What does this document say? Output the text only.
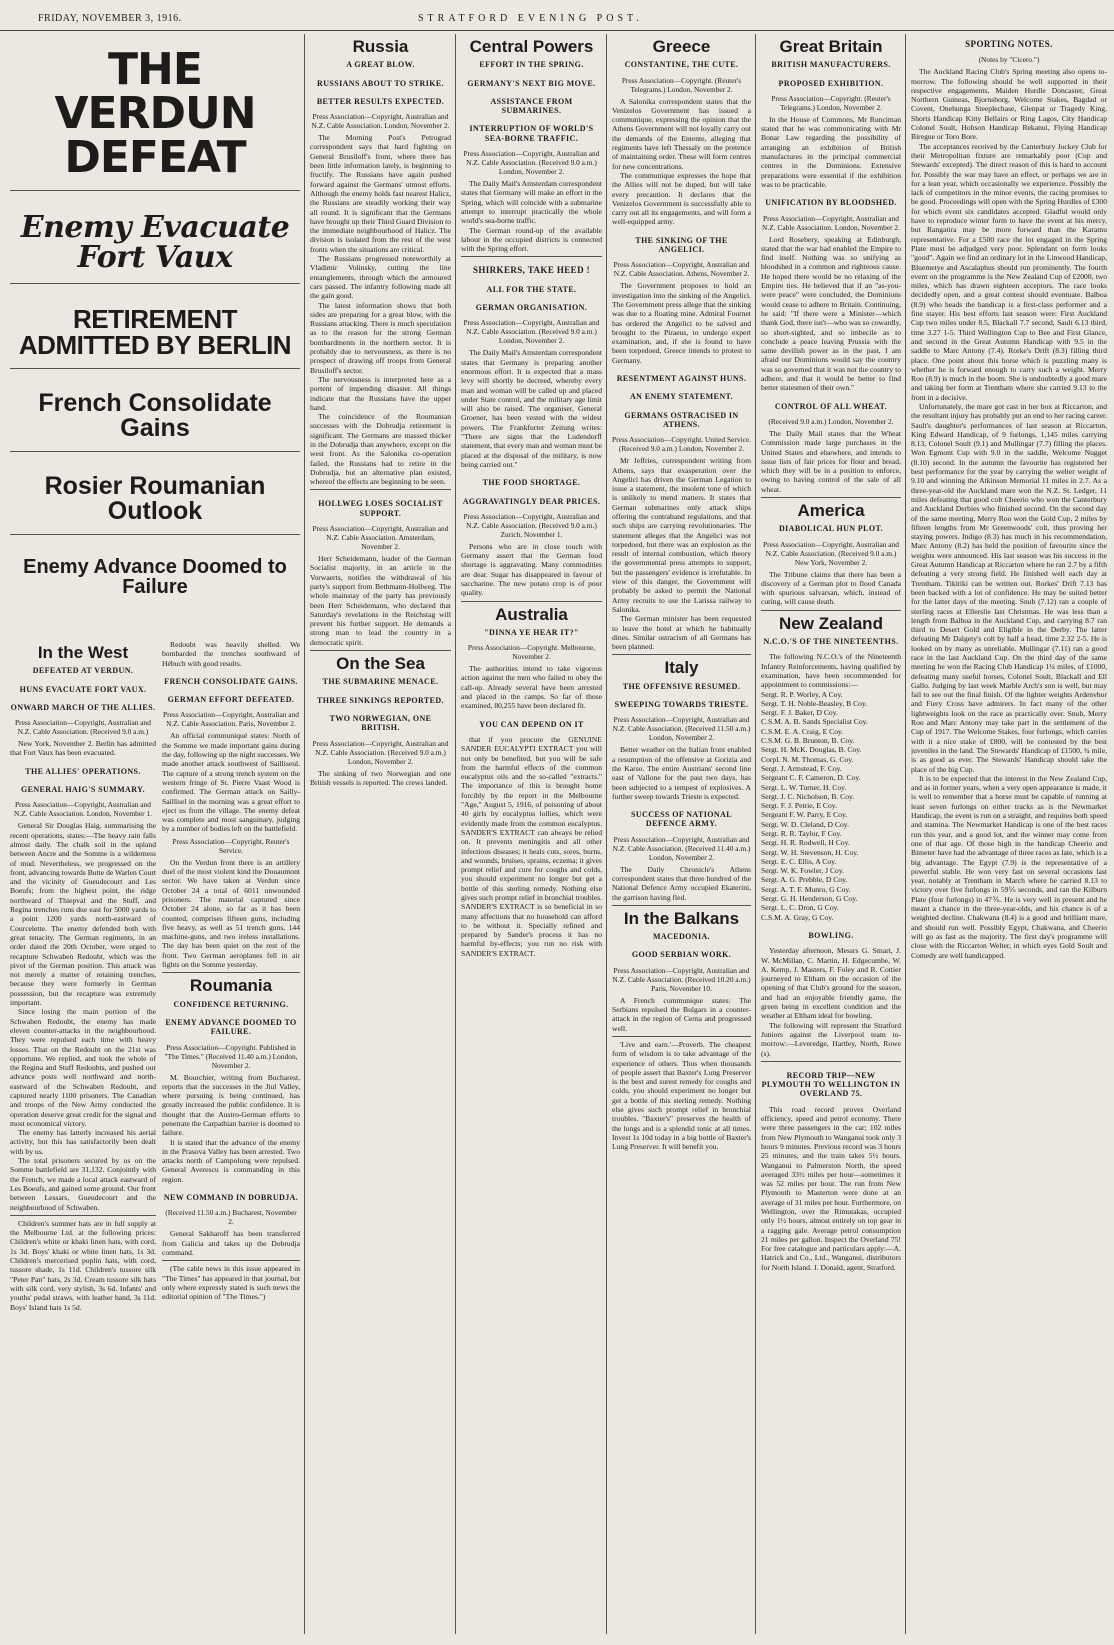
FRIDAY, NOVEMBER 3, 1916.	STRATFORD EVENING POST.
THE VERDUN DEFEAT
Enemy Evacuate Fort Vaux
RETIREMENT ADMITTED BY BERLIN
French Consolidate Gains
Rosier Roumanian Outlook
Enemy Advance Doomed to Failure
In the West
DEFEATED AT VERDUN.
HUNS EVACUATE FORT VAUX.
ONWARD MARCH OF THE ALLIES.
Press Association—Copyright, Australian and N.Z. Cable Association. (Received 9.0 a.m.)

New York, November 2. Berlin has admitted that Fort Vaux has been evacuated.

THE ALLIES' OPERATIONS.
GENERAL HAIG'S SUMMARY.
Press Association—Copyright, Australian and N.Z. Cable Association. London, November 1.

General Sir Douglas Haig, summarising the recent operations, states:—The heavy rain falls almost daily. The chalk soil in the upland between Ancre and the Somme is a wilderness of mud. Nevertheless, we progressed on the front, advancing towards Butte de Warlen Court and the vicinity of Gueudecourt and Les Boeufs; from the highest point, the ridge northward of Thiepval and the Stuff, and Regina trenches runs due east for 5000 yards to a point 1200 yards north-eastward of Courcelette. The enemy defended both with great tenacity. The German regiments, in an order dated the 20th October, were urged to recapture Schwaben Redoubt, which was the pivot of the German position. This attack was not merely a matter of retaining trenches, because they were formerly in German possession, but the recapture was extremely important.

Since losing the main portion of the Schwaben Redoubt, the enemy has made eleven counter-attacks in the neighbourhood. They were repulsed each time with heavy losses. That on the Redoubt on the 21st was opportune. We replied, and took the whole of the Regina and Stuff Redoubts, and pushed our advance posts well northward and north-eastward of the Schwaben Redoubt, and captured nearly 1100 prisoners. The Canadian and troops of the New Army conducted the operation deserve great credit for the signal and most economical victory.

The enemy has latterly increased his aerial activity, but this has satisfactorily been dealt with by us.

The total prisoners secured by us on the Somme battlefield are 31,132. Conjointly with the French, we made a local attack eastward of Les Boeufs, and gained some ground. Our front between Lessars, Gueudecourt and the neighbourhood of Schwaben.

Children's summer hats are in full supply at the Melbourne Ltd. at the following prices: Children's white or khaki linen hats, with cord, 1s 3d. Boys' khaki or white linen hats, 1s 3d. Children's mercerised poplin hats, with cord, tussore shade, 1s 11d. Children's tussore silk "Peter Pan" hats, 2s 3d. Cream tussore silk hats with silk cord, very stylish, 3s 6d. Infants' and youths' pedal straws, with leather band, 3s 11d. Boys' Island hats 1s 5d.

Redoubt was heavily shelled. We bombarded the trenches southward of Hébuch with good results.

FRENCH CONSOLIDATE GAINS.
GERMAN EFFORT DEFEATED.
Press Association—Copyright, Australian and N.Z. Cable Association. Paris, November 2.

An official communiqué states: North of the Somme we made important gains during the day, following up the night successes. We made another attack southwest of Sailliseul. The capture of a strong trench system on the western fringe of St. Pierre Vaast Wood is confirmed. The German attack on Sailly-Saillisel in the morning was a great effort to eject us from the village. The enemy defeat was complete and most sanguinary, judging by a number of bodies left on the battlefield.

Press Association—Copyright, Reuter's Service.

On the Verdun front there is an artillery duel of the most violent kind the Douaumont sector. We have taken at Verdun since October 24 a total of 6011 unwounded prisoners. The material captured since October 24 alone, so far as it has been counted, comprises fifteen guns, including five heavy, as well as 51 trench guns, 144 machine-guns, and two ireless installations. The day has been quiet on the rest of the front. Two German aeroplanes fell in air fights on the Somme yesterday.

Roumania
CONFIDENCE RETURNING.
ENEMY ADVANCE DOOMED TO FAILURE.
Press Association—Copyright. Published in "The Times." (Received 11.40 a.m.) London, November 2.

M. Bourchier, writing from Bucharest, reports that the successes in the Jiul Valley, where pursuing is being continued, has greatly increased the public confidence. It is thought that the Austro-German efforts to penetrate the Carpathian barrier is doomed to failure.

It is stated that the advance of the enemy in the Prasova Valley has been arrested. Two attacks north of Campolung were repulsed. General Averescu is commanding in this region.

NEW COMMAND IN DOBRUDJA.
(Received 11.50 a.m.) Bucharest, November 2.

General Sakharoff has been transferred from Galicia and takes up the Dobrudja command.

(The cable news in this issue appeared in "The Times" has appeared in that journal, but only where expressly stated is such news the editorial opinion of "The Times.")

Russia
A GREAT BLOW.
RUSSIANS ABOUT TO STRIKE.
BETTER RESULTS EXPECTED.
Press Association—Copyright, Australian and N.Z. Cable Association. London, November 2.

The Morning Post's Petrograd correspondent says that hard fighting on General Brusiloff's front, where there has been little information lately, is beginning to fructify. The Russians have again pushed forward against the Germans' utmost efforts. Although the enemy holds fast nearest Halicz, the Russians are steadily working their way all round. It is significant that the Germans have brought up their Third Guard Division to the immediate neighbourhood of Halicz. The division is isolated from the rest of the west fronts when the situations are critical.

The Russians progressed noteworthily at Vladimir Volinsky, cutting the line entanglements, through which the armoured cars passed. The infantry following made all the gain good.

The latest information shows that both sides are preparing for a great blow, with the Russians attacking. There is much speculation as to the reason for the strong German bombardments in the northern sector. It is probably due to nervousness, as there is no prospect of drawing off troops from General Brusiloff's sector.

The nervousness is interpreted here as a portent of impending disaster. All things indicate that the Russians have the upper hand.

The coincidence of the Roumanian successes with the Dobrudja retirement is significant. The Germans are massed thicker in the Dobrudja than anywhere, except on the west front. As the Salonika co-operation failed, the Russians had to retire in the Dobrudja, but an alternative plan existed, whereof the effects are beginning to be seen.

HOLLWEG LOSES SOCIALIST SUPPORT.
Press Association—Copyright, Australian and N.Z. Cable Association. Amsterdam, November 2.

Herr Scheidemann, leader of the German Socialist majority, in an article in the Vorwaerts, notifies the withdrawal of his party's support from Bethmann-Hollweg. The whole mainstay of the party has previously been Herr Scheidemann, who declared that Saturday's revelations in the Reichstag will prevent his further support. He demands a strong man to lead the country in a democratic spirit.

On the Sea
THE SUBMARINE MENACE.
THREE SINKINGS REPORTED.
TWO NORWEGIAN, ONE BRITISH.
Press Association—Copyright, Australian and N.Z. Cable Association. (Received 9.0 a.m.) London, November 2.

The sinking of two Norwegian and one British vessels is reported. The crews landed.

Central Powers
EFFORT IN THE SPRING.
GERMANY'S NEXT BIG MOVE.
ASSISTANCE FROM SUBMARINES.
INTERRUPTION OF WORLD'S SEA-BORNE TRAFFIC.
Press Association—Copyright, Australian and N.Z. Cable Association. (Received 9.0 a.m.) London, November 2.

The Daily Mail's Amsterdam correspondent states that Germany will make an effort in the Spring, which will coincide with a submarine attempt to interrupt practically the whole world's sea-borne traffic.

The German round-up of the available labour in the occupied districts is connected with the Spring effort.

SHIRKERS, TAKE HEED !
ALL FOR THE STATE.
GERMAN ORGANISATION.
Press Association—Copyright, Australian and N.Z. Cable Association. (Received 9.0 a.m.) London, November 2.

The Daily Mail's Amsterdam correspondent states that Germany is preparing another enormous effort. It is expected that a mass levy will shortly be decreed, whereby every man and woman will be called up and placed under State control, and the military age limit will also be raised. The organiser, General Groener, has been vested with the widest powers. The Frankfurter Zeitung writes: "There are signs that the Ludendorff statement, that every man and woman must be placed at the disposal of the military, is now being carried out."

THE FOOD SHORTAGE.
AGGRAVATINGLY DEAR PRICES.
Press Association—Copyright, Australian and N.Z. Cable Association. (Received 9.0 a.m.) Zurich, November 1.

Persons who are in close touch with Germany assert that the German food shortage is aggravating. Many commodities are dear. Sugar has disappeared in favour of saccharine. The new potato crop is of poor quality.

Australia
"DINNA YE HEAR IT?"
Press Association—Copyright. Melbourne, November 2.

The authorities intend to take vigorous action against the men who failed to obey the call-up. Already several have been arrested and placed in the camps. So far of those examined, 80,255 have been declared fit.

YOU CAN DEPEND ON IT

that if you procure the GENUINE SANDER EUCALYPTI EXTRACT you will not only be benefited, but you will be safe from the harmful effects of the common eucalyptus oils and the so-called "extracts." The importance of this is brought home forcibly by the report in the Melbourne "Age," August 5, 1916, of poisoning of about 40 girls by eucalyptus lollies, which were evidently made from the common eucalyptus. SANDER'S EXTRACT can always be relied on. It prevents meningitis and all other infectious diseases; it heals cuts, sores, burns, and wounds, bruises, sprains, eczema; it gives prompt relief and cure for coughs and colds, you should experiment no longer but get a bottle of this sterling remedy. Nothing else gives such prompt relief in bronchial troubles. SANDER'S EXTRACT is so beneficial in so many affections that no household can afford to be without it. Specially refined and prepared by Sander's process it has no harmful by-effects; you run no risk with SANDER'S EXTRACT.

Greece
CONSTANTINE, THE CUTE.
Press Association—Copyright. (Reuter's Telegrams.) London, November 2.

A Salonika correspondent states that the Venizelos Government has issued a communique, expressing the opinion that the Athens Government will not loyally carry out the demands of the Entente, alleging that regiments have left Thessaly on the pretence of maintaining order. These will form centres for new concentrations.

The communique expresses the hope that the Allies will not be duped, but will take every precaution. It declares that the Venizelos Government is successfully able to carry out all its engagements, and will form a well-equipped army.

THE SINKING OF THE ANGELICI.
Press Association—Copyright, Australian and N.Z. Cable Association. Athens, November 2.

The Government proposes to hold an investigation into the sinking of the Angelici. The Government press allege that the sinking was due to a floating mine. Admiral Fournet has ordered the Angelici to be salved and brought to the Piraeus, to undergo expert examination, and, if she is found to have been torpedoed, Greece intends to protest to Germany.

RESENTMENT AGAINST HUNS.
AN ENEMY STATEMENT.
GERMANS OSTRACISED IN ATHENS.
Press Association—Copyright. United Service. (Received 9.0 a.m.) London, November 2.

Mr Jeffries, correspondent writing from Athens, says that exasperation over the Angelici has driven the German Legation to issue a statement, the insolent tone of which is unlikely to mend matters. It states that German submarines only attack ships offering the contraband regulations, and that such ships are carrying revolutionaries. The statement alleges that the Angelici was not torpedoed, but there was an explosion as the result of internal combustion, which theory the governmental press attempts to support, but the passengers' evidence is irrefutable. In view of this danger, the Government will probably be asked to permit the National Army recruits to use the Larissa railway to Salonika.

The German minister has been requested to leave the hotel at which he habitually dines. Similar ostracism of all Germans has been planned.

Italy
THE OFFENSIVE RESUMED.
SWEEPING TOWARDS TRIESTE.
Press Association—Copyright, Australian and N.Z. Cable Association. (Received 11.50 a.m.) London, November 2.

Better weather on the Italian front enabled a resumption of the offensive at Gorizia and the Karso. The entire Austrians' second line east of Vallone for the past two days, has been subjected to a tempest of explosives. A further sweep towards Trieste is expected.

SUCCESS OF NATIONAL DEFENCE ARMY.
Press Association—Copyright, Australian and N.Z. Cable Association. (Received 11.40 a.m.) London, November 2.

The Daily Chronicle's Athens correspondent states that three hundred of the National Defence Army occupied Ekaterini, the garrison having fled.

In the Balkans
MACEDONIA.
GOOD SERBIAN WORK.
Press Association—Copyright, Australian and N.Z. Cable Association. (Received 10.20 a.m.) Paris, November 10.

A French communique states: The Serbians repulsed the Bulgars in a counter-attack in the region of Cerna and progressed well.

'Live and earn.'—Proverb. The cheapest form of wisdom is to take advantage of the experience of others. Thus when thousands of people assert that Baxter's Lung Preserver is the best and surest remedy for coughs and colds, you should experiment no longer but get a bottle of this sterling remedy. Nothing else gives such prompt relief in bronchial troubles. "Baxter's" preserves the health of the lungs and is a splendid tonic at all times. Invest 1s 10d today in a big bottle of Baxter's Lung Preserver. It will benefit you.

Great Britain
BRITISH MANUFACTURERS.
PROPOSED EXHIBITION.
Press Association—Copyright. (Reuter's Telegrams.) London, November 2.

In the House of Commons, Mr Runciman stated that he was communicating with Mr Bonar Law regarding the possibility of arranging an exhibition of British manufactures in the principal commercial centres in the Dominions. Extensive preparations were essential if the exhibition was to be practicable.

UNIFICATION BY BLOODSHED.
Press Association—Copyright, Australian and N.Z. Cable Association. London, November 2.

Lord Rosebery, speaking at Edinburgh, stated that the war had enabled the Empire to find itself. Nothing was so unifying as bloodshed in a common and righteous cause. He hoped there would be no relaxing of the Empire ties. He believed that if an "as-you-were peace" were concluded, the Dominions would cease to adhere to Britain. Continuing, he said: "If there were a Minister—which thank God, there isn't—who was so cowardly, so short-sighted, and so imbecile as to conclude a peace leaving Prussia with the same devilish power as in the past, I am afraid our Dominions would say the country was so governed that it was not the country to adhere, and that it would be better to find better statesmen of their own."

CONTROL OF ALL WHEAT.
(Received 9.0 a.m.) London, November 2.

The Daily Mail states that the Wheat Commission made large purchases in the United States and elsewhere, and intends to issue lists of fair prices for flour and bread, which they will be in a position to enforce, owing to having control of the sale of all wheat.

America
DIABOLICAL HUN PLOT.
Press Association—Copyright, Australian and N.Z. Cable Association. (Received 9.0 a.m.) New York, November 2.

The Tribune claims that there has been a discovery of a German plot to flood Canada with spurious salvarsan, which, instead of curing, will cause death.

New Zealand
N.C.O.'S OF THE NINETEENTHS.

The following N.C.O.'s of the Nineteenth Infantry Reinforcements, having qualified by examination, have been recommended for appointment to commissions:—

Sergt. R. P. Worley, A Coy.
Sergt. T. H. Noble-Beasley, B Coy.
Sergt. F. J. Baker, D Coy.
C.S.M. A. B. Sands Specialist Coy.
C.S.M. E. A. Craig, E Coy.
C.S.M. G. B. Brunton, B. Coy.
Sergt. H. McK. Douglas, B. Coy.
Corpl. N. M. Thomas, G. Coy.
Sergt. J. Armstead, F. Coy.
Sergeant C. F. Cameron, D. Coy.
Sergt. L. W. Turner, H. Coy.
Sergt. J. C. Nicholson, B. Coy.
Sergt. F. J. Petrie, E Coy.
Sergeant F. W. Parry, E Coy.
Sergt. W. D. Cleland, D Coy.
Sergt. R. R. Taylor, F Coy.
Sergt. H. R. Rodwell, H Coy.
Sergt. W. H. Stevenson, H. Coy.
Sergt. E. C. Ellis, A Coy.
Sergt. W. K. Fowler, J Coy.
Sergt. A. G. Prebble, D Coy.
Sergt. A. T. F. Munro, G Coy.
Sergt. G. H. Henderson, G Coy.
Sergt. L. C. Dron, G Coy.
C.S.M. A. Gray, G Coy.
BOWLING.

Yesterday afternoon, Messrs G. Smart, J. W. McMillan, C. Martin, H. Edgecumbe, W. A. Kemp, J. Masters, F. Foley and R. Cottier journeyed to Eltham on the occasion of the opening of that Club's ground for the season, and had an enjoyable friendly game, the green being in excellent condition and the weather at Eltham ideal for bowling.

The following will represent the Stratford Juniors against the Liverpool team to-morrow:—Leveredge, Hartley, North, Rowe (s).

RECORD TRIP—NEW PLYMOUTH TO WELLINGTON IN OVERLAND 75.

This road record proves Overland efficiency, speed and petrol economy. There were three passengers in the car; 102 miles from New Plymouth to Wanganui took only 3 hours 9 minutes. Previous record was 3 hours 25 minutes, and the train takes 5½ hours. Wanganui to Palmerston North, the speed averaged 33½ miles per hour—sometimes it was 52 miles per hour. The run from New Plymouth to Masterton were done at an average of 31 miles per hour. Furthermore, on Wellington, over the Rimutakas, occupied only 1½ hours, almost entirely on top gear in a ragging gale. Average petrol consumption 21 miles per gallon. Inspect the Overland 75! For free catalogue and particulars apply:—A. Hatrick and Co., Ltd., Wanganui, distributors for North Island. J. Donald, agent, Stratford.

SPORTING NOTES.
(Notes by "Cicero.")

The Auckland Racing Club's Spring meeting also opens to-morrow. The following should be well supported in their respective engagements, Maiden Hurdle Doncaster, Great Northern Guineas, Bjornsborg, Welcome Stakes, Bagdad or Covent, Onehunga Steeplechase, Glenpat or Tragedy King, Shorts Handicap Kitty Bellairs or Ring Lagos, City Handicap Colonel Soult, Hobson Handicap Rekanui, Flying Handicap Biregue or Toro Bore.

The acceptances received by the Canterbury Jockey Club for their Metropolitan fixture are remarkably poor (Cup and Stewards' excepted). The direct reason of this is hard to account for. Possibly the war may have an effect, or perhaps we are in for a lean year, which occasionally we experience. Possibly the lack of competitors in the minor events, the racing promises to be good. Proceedings will open with the Spring Hurdles of £300 for which event six candidates accepted. Gladful would only have to reproduce winter form to have the event at his mercy, but Rangatira may be more forward than the Karamu representative. For a £500 race the lot engaged in the Spring Plate must be adjudged very poor. Splendant on form looks "good". Again we find an ordinary lot in the Linwood Handicap, Bluemetye and Ascalaphus should run prominently. The fourth event on the programme is the New Zealand Cup of £2000, two miles, which has drawn eighteen acceptors. The race looks decidedly open, and a great contest should eventuate. Balboa (8.9) who heads the handicap is a first-class performer and a fine stayer. His best efforts last season were: First Auckland Cup two miles under 8.5, Blackall 7.7 second, Sault 6.13 third, time 3.27 1-5. Third Wellington Cup to Bee and First Glance, and second in the Great Autumn Handicap with 9.5 in the saddle to Marc Antony (7.4). Rorke's Drift (8.3) filling third place. One point about this horse which is puzzling many is whether he is forward enough to carry such a weight. Merry Roo (8.9) is much in the boom. She is undoubtedly a good mare and taking her form at Trentham where she carried 9.13 to the front in a decisive.

Unfortunately, the mare got cast in her box at Riccarton, and the resultant injury has probably put an end to her racing career. Sault's daughter's performances of last season at Riccarton, King Edward Handicap, of 9 furlongs, 1,145 miles carrying 8.13, Colonel Soult (9.1) and Mullingar (7.7) filling the places. Won Egmont Cup with 9.0 in the saddle, Welcome Nugget (8.10) second. In the autumn the favourite has registered her best performance for the year by carrying the welter weight of 9.10 and winning the Atkinson Memorial 11 miles in 2.7. As a three-year-old the Auckland mare won the N.Z. St. Ledger, 11 miles defeating that good colt Cheerio who won the Canterbury and Auckland Derbies who finished second. On the second day of the same meeting, Merry Roo won the Gold Cup, 2 miles by fifteen lengths from Mr Greenwoods' colt, thus proving her staying powers. Indigo (8.3) has much in his recommendation, Marc Antony (8.2) has held the position of favourite since the weights were announced. His last season was his success in the Great Autumn Handicap at Riccarton where he ran 2.7 by a fifth defeating a very strong field. He finished well each day at Trentham. Tikitiki can be written out. Rorkes' Drift 7.13 has been backed with a lot of confidence. He may be suited better for the latter days of the meeting. Snub (7.12) ran a couple of sterling races at Ellerslie last Christmas. He was less than a length from Balboa in the Auckland Cup, and carrying 8.7 ran third to Desert Gold and Eligible in the Derby. The latter defeating Mr Dalgety's colt by half a head, time 2.32 2-5. He is looked on by many as unreliable. Mullingar (7.11) ran a good race in the last Auckland Cup. On the third day of the same meeting he won the Racing Club Handicap 1¼ miles, of £1000, defeating many useful horses, Colonel Soult, Blackall and Ell Gallo. Judging by last week Marble Arch's son is well, but may fail to see out the final finish. Of the lighter weights Ardenvhor and Fiery Cross have admirers. In fact many of the other lightweights look on the race as practically over. Snub, Merry Roo and Marc Antony may take part in the settlement of the Cup of 1917. The Welcome Stakes, four furlongs, which carries with it a nice stake of £800, will be contested by the best juveniles in the land. The Stewards' Handicap of £1500, ¾ mile, is as good as ever. The Stewards' Handicap should take the place of the big Cup.

It is to be expected that the interest in the New Zealand Cup, and as in former years, when a very open appearance is made, it is well to remember that a horse must be capable of running at least seven furlongs on either tracks as is the Newmarket Handicap, the event is run on a straight, and requires both speed and stamina. The Newmarket Handicap is one of the best races run this year, and a good lot, and the winner may come from one of that age. Of those high in the handicap Cheerio and Bimeter have had the advantage of three races as late, which is a big advantage. The Egypt (7.9) is the representative of a powerful stable. He won very fast on several occasions last year, notably at Trentham in March where he carried 8.13 to victory over five furlongs in 59⅕ seconds, and ran the Kilburn Plate (four furlongs) in 47⅗. He is very well in present and he meant a chance in the three-year-olds, and his chance is of a weighted decline. Chakwana (8.4) is a good and brilliant mare, and should run well. Possibly Egypt, Chakwana, and Cheerio will go as fast as the majority. The first day's programme will close with the Riccarton Welter, in which eyes Gold Soult and Comedy are well handicapped.
